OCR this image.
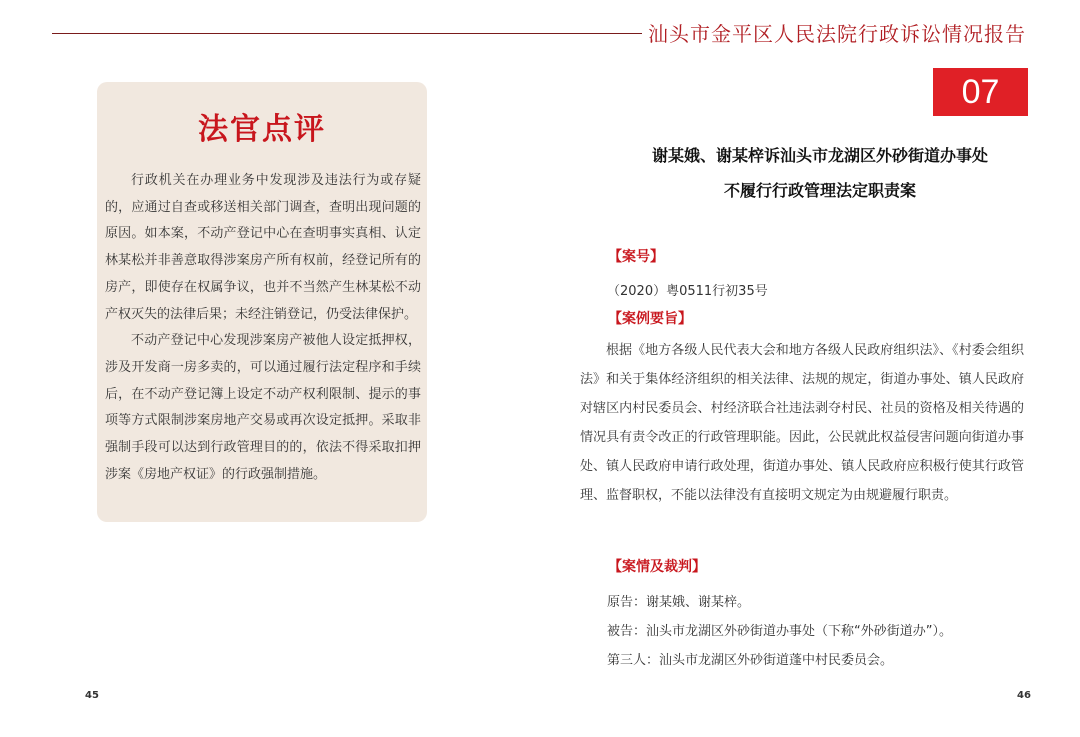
汕头市金平区人民法院行政诉讼情况报告
07
法官点评

行政机关在办理业务中发现涉及违法行为或存疑的，应通过自查或移送相关部门调查，查明出现问题的原因。如本案，不动产登记中心在查明事实真相、认定林某松并非善意取得涉案房产所有权前，经登记所有的房产，即使存在权属争议，也并不当然产生林某松不动产权灭失的法律后果；未经注销登记，仍受法律保护。

不动产登记中心发现涉案房产被他人设定抵押权，涉及开发商一房多卖的，可以通过履行法定程序和手续后，在不动产登记簿上设定不动产权利限制、提示的事项等方式限制涉案房地产交易或再次设定抵押。采取非强制手段可以达到行政管理目的的，依法不得采取扣押涉案《房地产权证》的行政强制措施。

谢某娥、谢某梓诉汕头市龙湖区外砂街道办事处
不履行行政管理法定职责案
【案号】
（2020）粤0511行初35号
【案例要旨】

根据《地方各级人民代表大会和地方各级人民政府组织法》、《村委会组织法》和关于集体经济组织的相关法律、法规的规定，街道办事处、镇人民政府对辖区内村民委员会、村经济联合社违法剥夺村民、社员的资格及相关待遇的情况具有责令改正的行政管理职能。因此，公民就此权益侵害问题向街道办事处、镇人民政府申请行政处理，街道办事处、镇人民政府应积极行使其行政管理、监督职权，不能以法律没有直接明文规定为由规避履行职责。

【案情及裁判】
原告：谢某娥、谢某梓。
被告：汕头市龙湖区外砂街道办事处（下称“外砂街道办”）。
第三人：汕头市龙湖区外砂街道蓬中村民委员会。
45	46
